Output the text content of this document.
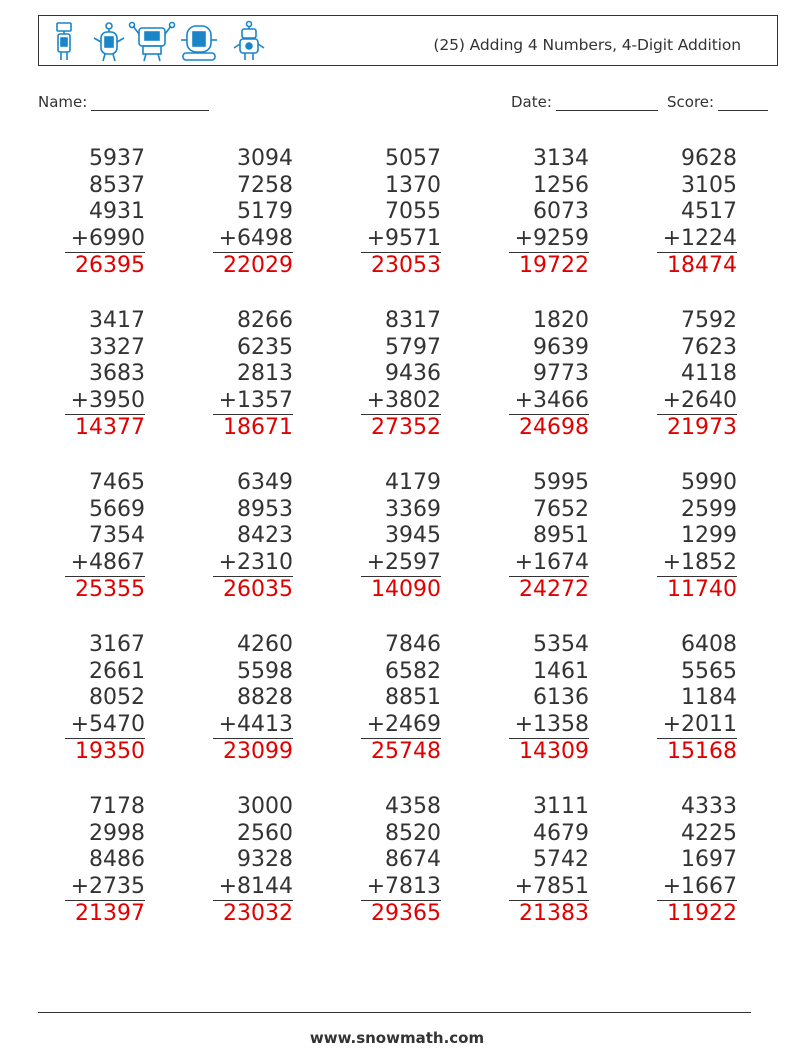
(25) Adding 4 Numbers, 4-Digit Addition
Name:	Date:	Score:
5937
8537
4931
+6990
26395
3094
7258
5179
+6498
22029
5057
1370
7055
+9571
23053
3134
1256
6073
+9259
19722
9628
3105
4517
+1224
18474
3417
3327
3683
+3950
14377
8266
6235
2813
+1357
18671
8317
5797
9436
+3802
27352
1820
9639
9773
+3466
24698
7592
7623
4118
+2640
21973
7465
5669
7354
+4867
25355
6349
8953
8423
+2310
26035
4179
3369
3945
+2597
14090
5995
7652
8951
+1674
24272
5990
2599
1299
+1852
11740
3167
2661
8052
+5470
19350
4260
5598
8828
+4413
23099
7846
6582
8851
+2469
25748
5354
1461
6136
+1358
14309
6408
5565
1184
+2011
15168
7178
2998
8486
+2735
21397
3000
2560
9328
+8144
23032
4358
8520
8674
+7813
29365
3111
4679
5742
+7851
21383
4333
4225
1697
+1667
11922
www.snowmath.com
